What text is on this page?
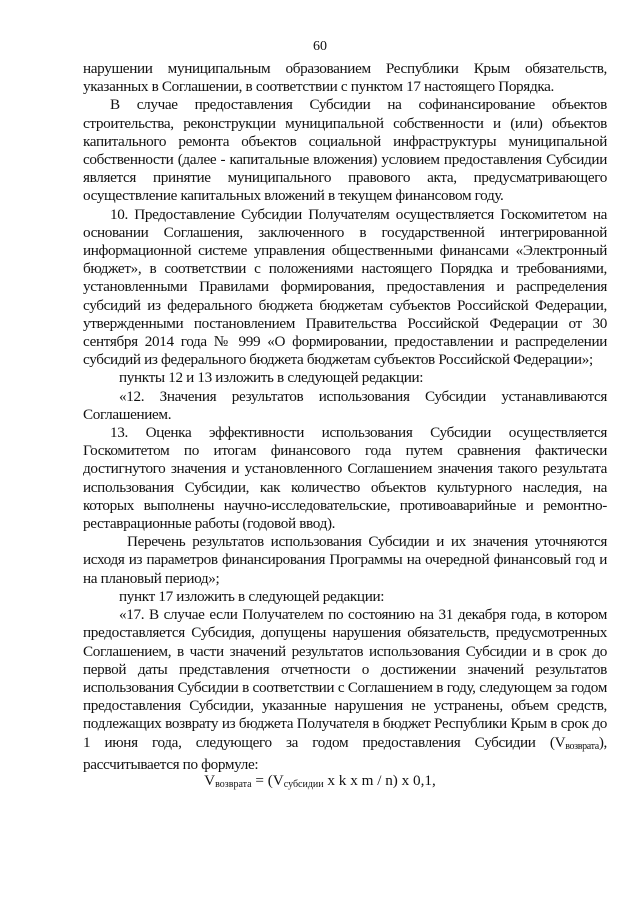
60

нарушении муниципальным образованием Республики Крым обязательств, указанных в Соглашении, в соответствии с пунктом 17 настоящего Порядка.

В случае предоставления Субсидии на софинансирование объектов строительства, реконструкции муниципальной собственности и (или) объектов капитального ремонта объектов социальной инфраструктуры муниципальной собственности (далее - капитальные вложения) условием предоставления Субсидии является принятие муниципального правового акта, предусматривающего осуществление капитальных вложений в текущем финансовом году.

10. Предоставление Субсидии Получателям осуществляется Госкомитетом на основании Соглашения, заключенного в государственной интегрированной информационной системе управления общественными финансами «Электронный бюджет», в соответствии с положениями настоящего Порядка и требованиями, установленными Правилами формирования, предоставления и распределения субсидий из федерального бюджета бюджетам субъектов Российской Федерации, утвержденными постановлением Правительства Российской Федерации от 30 сентября 2014 года № 999 «О формировании, предоставлении и распределении субсидий из федерального бюджета бюджетам субъектов Российской Федерации»;

пункты 12 и 13 изложить в следующей редакции:

«12. Значения результатов использования Субсидии устанавливаются Соглашением.

13. Оценка эффективности использования Субсидии осуществляется Госкомитетом по итогам финансового года путем сравнения фактически достигнутого значения и установленного Соглашением значения такого результата использования Субсидии, как количество объектов культурного наследия, на которых выполнены научно-исследовательские, противоаварийные и ремонтно-реставрационные работы (годовой ввод).

Перечень результатов использования Субсидии и их значения уточняются исходя из параметров финансирования Программы на очередной финансовый год и на плановый период»;

пункт 17 изложить в следующей редакции:

«17. В случае если Получателем по состоянию на 31 декабря года, в котором предоставляется Субсидия, допущены нарушения обязательств, предусмотренных Соглашением, в части значений результатов использования Субсидии и в срок до первой даты представления отчетности о достижении значений результатов использования Субсидии в соответствии с Соглашением в году, следующем за годом предоставления Субсидии, указанные нарушения не устранены, объем средств, подлежащих возврату из бюджета Получателя в бюджет Республики Крым в срок до 1 июня года, следующего за годом предоставления Субсидии $(V_{возврата})$, рассчитывается по формуле:

$V_{возврата} = (V_{субсидии}$ x k x m / n) x 0,1,
